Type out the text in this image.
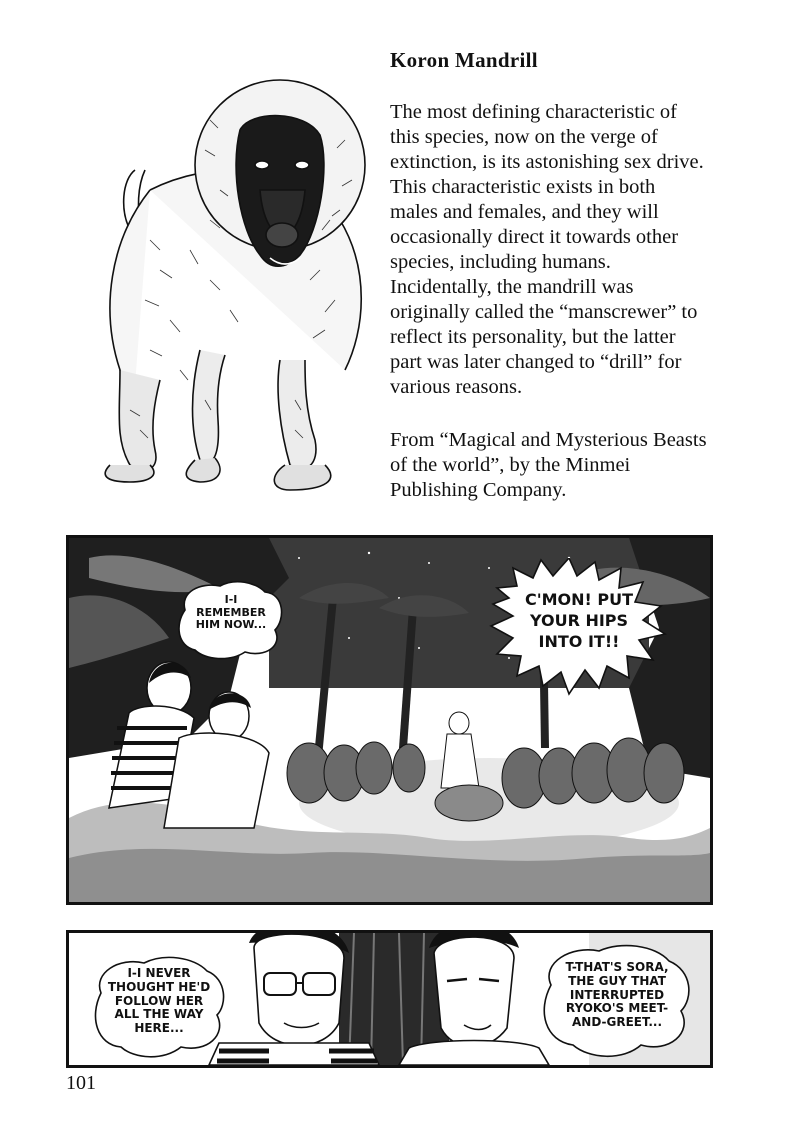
Koron Mandrill
The most defining characteristic of
this species, now on the verge of
extinction, is its astonishing sex drive.
This characteristic exists in both
males and females, and they will
occasionally direct it towards other
species, including humans.
Incidentally, the mandrill was
originally called the “manscrewer” to
reflect its personality, but the latter
part was later changed to “drill” for
various reasons.
From “Magical and Mysterious Beasts
of the world”, by the Minmei
Publishing Company.
I-I
REMEMBER
HIM NOW...
C'MON! PUT
YOUR HIPS
INTO IT!!
I-I NEVER
THOUGHT HE'D
FOLLOW HER
ALL THE WAY
HERE...
T-THAT'S SORA,
THE GUY THAT
INTERRUPTED
RYOKO'S MEET-
AND-GREET...
101
